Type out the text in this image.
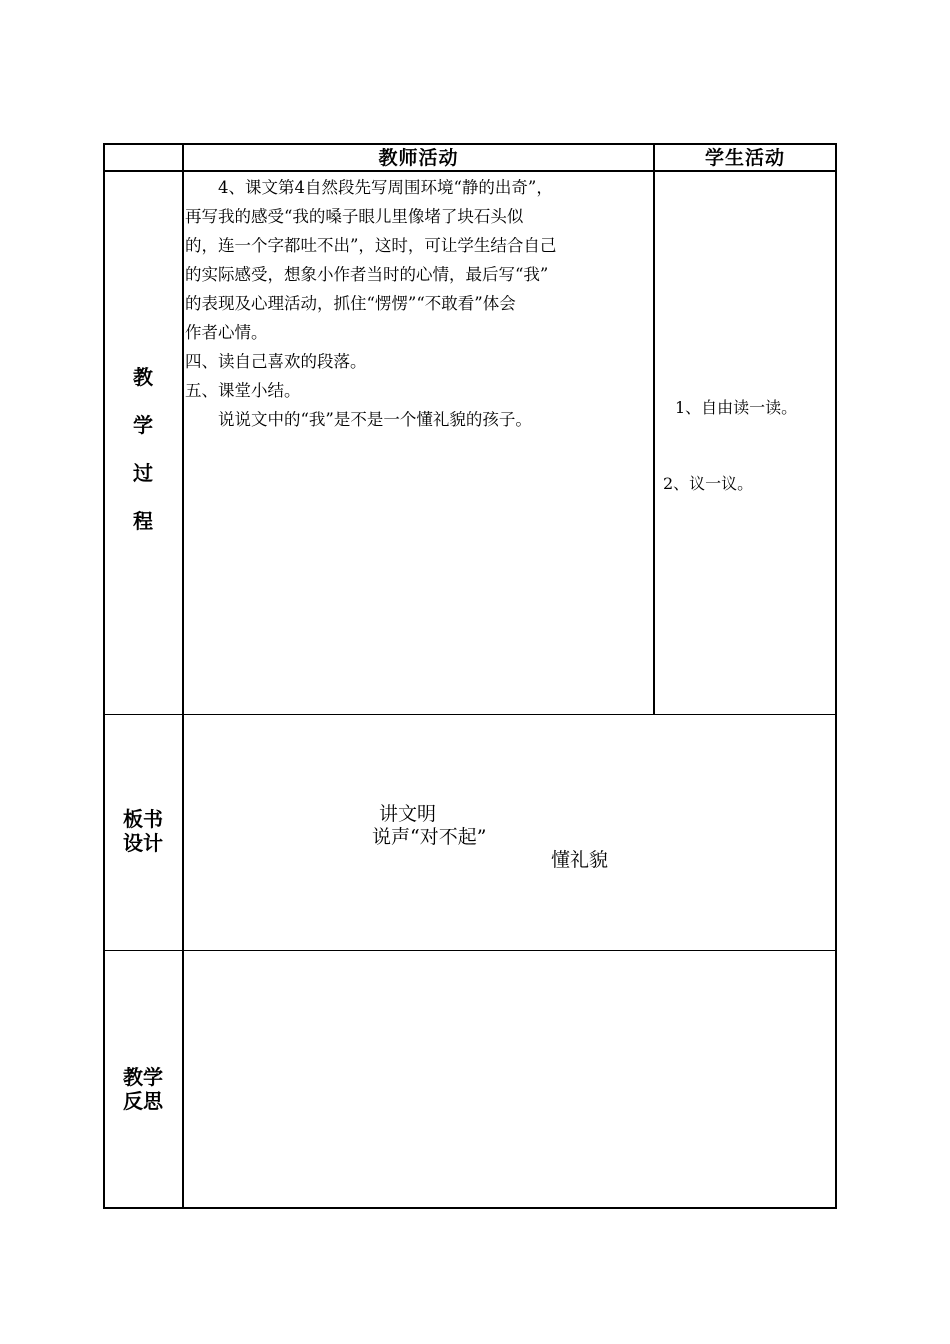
教师活动	学生活动
教
学
过
程

　　4、课文第4自然段先写周围环境“静的出奇”，

再写我的感受“我的嗓子眼儿里像堵了块石头似

的，连一个字都吐不出”，这时，可让学生结合自己

的实际感受，想象小作者当时的心情，最后写“我”

的表现及心理活动，抓住“愣愣”“不敢看”体会

作者心情。

四、读自己喜欢的段落。

五、课堂小结。

　　说说文中的“我”是不是一个懂礼貌的孩子。

1、自由读一读。
2、议一议。
板书
设计
讲文明
说声“对不起”
懂礼貌
教学
反思
